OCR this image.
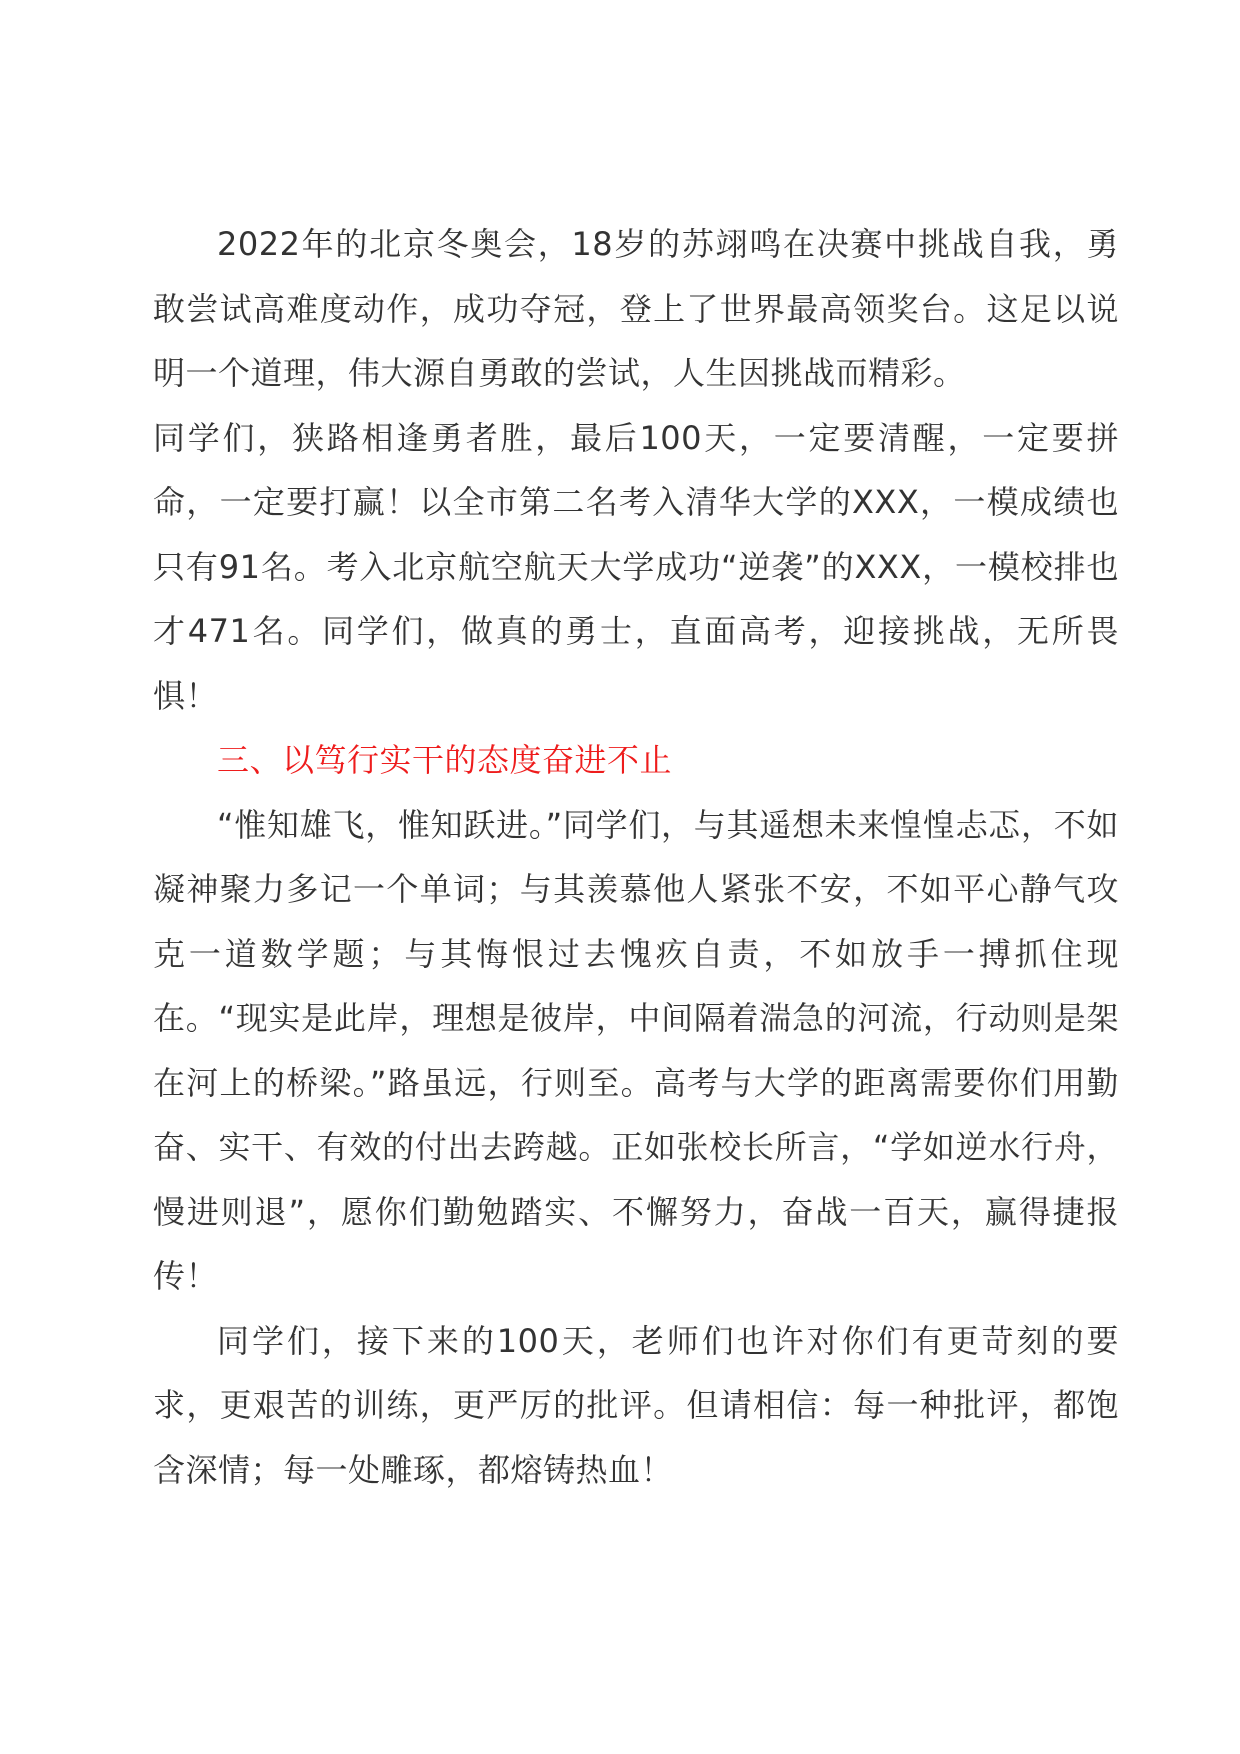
2022年的北京冬奥会，18岁的苏翊鸣在决赛中挑战自我，勇敢尝试高难度动作，成功夺冠，登上了世界最高领奖台。这足以说明一个道理，伟大源自勇敢的尝试，人生因挑战而精彩。

同学们，狭路相逢勇者胜，最后100天，一定要清醒，一定要拼命，一定要打赢！以全市第二名考入清华大学的XXX，一模成绩也只有91名。考入北京航空航天大学成功“逆袭”的XXX，一模校排也才471名。同学们，做真的勇士，直面高考，迎接挑战，无所畏惧！

三、以笃行实干的态度奋进不止

“惟知雄飞，惟知跃进。”同学们，与其遥想未来惶惶忐忑，不如凝神聚力多记一个单词；与其羡慕他人紧张不安，不如平心静气攻克一道数学题；与其悔恨过去愧疚自责，不如放手一搏抓住现在。“现实是此岸，理想是彼岸，中间隔着湍急的河流，行动则是架在河上的桥梁。”路虽远，行则至。高考与大学的距离需要你们用勤奋、实干、有效的付出去跨越。正如张校长所言，“学如逆水行舟，慢进则退”，愿你们勤勉踏实、不懈努力，奋战一百天，赢得捷报传！

同学们，接下来的100天，老师们也许对你们有更苛刻的要求，更艰苦的训练，更严厉的批评。但请相信：每一种批评，都饱含深情；每一处雕琢，都熔铸热血！
